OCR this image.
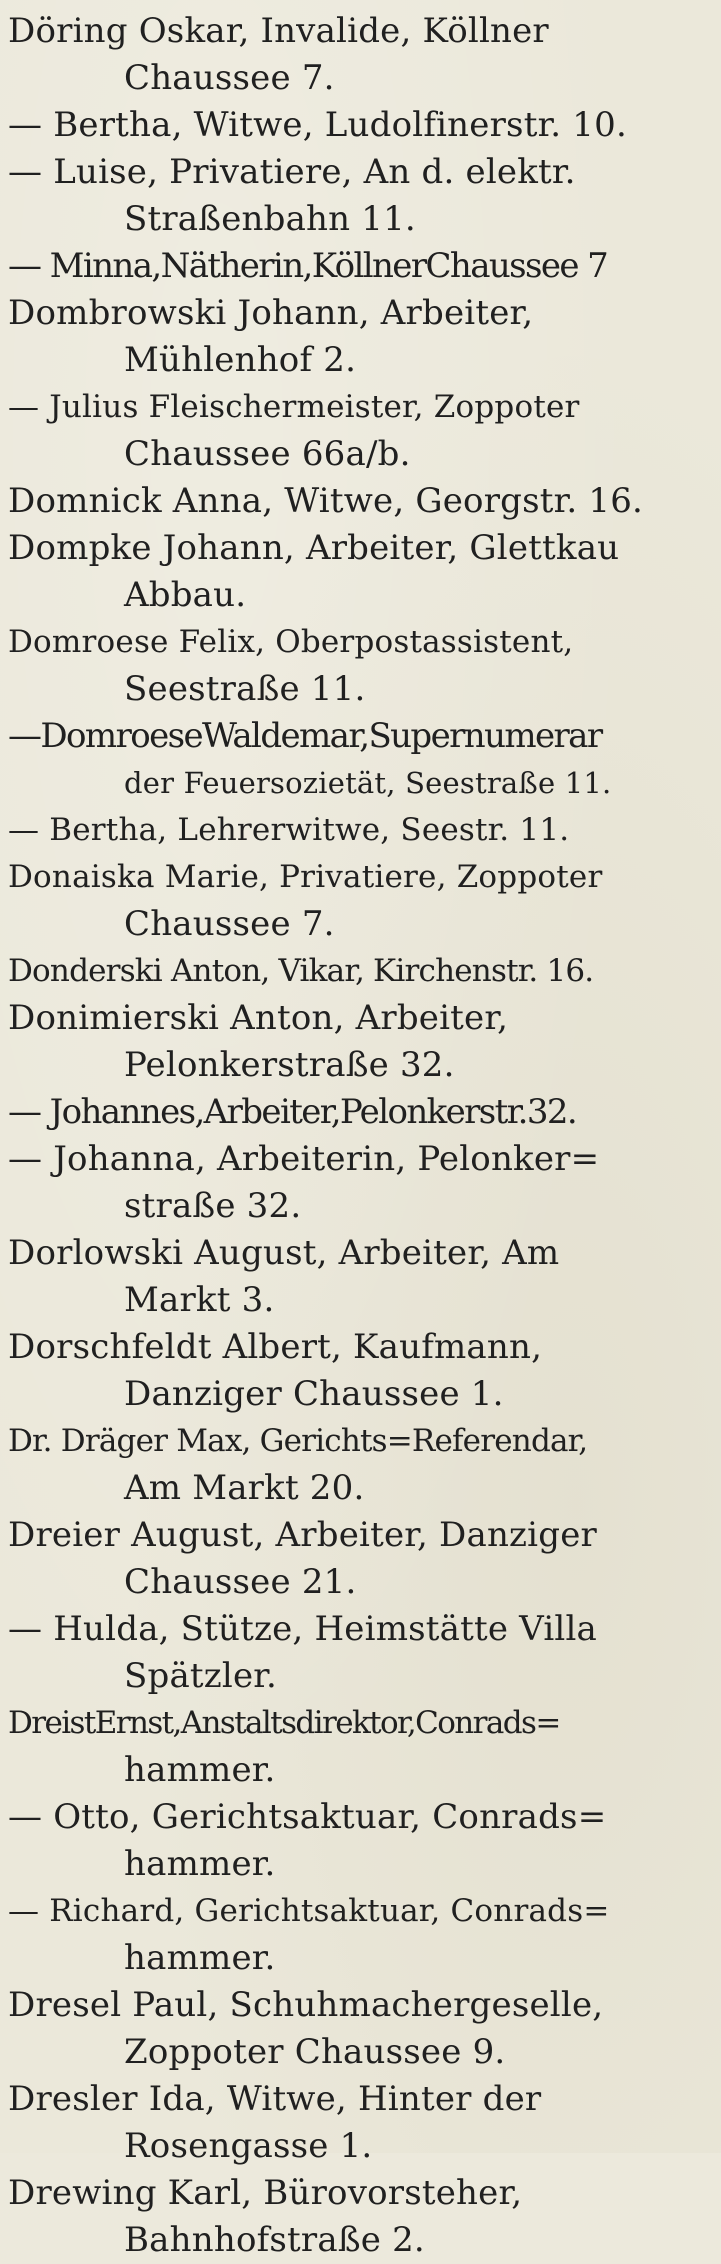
Döring Oskar, Invalide, Köllner
Chaussee 7.
— Bertha, Witwe, Ludolfinerstr. 10.
— Luise, Privatiere, An d. elektr.
Straßenbahn 11.
— Minna,Nätherin,KöllnerChaussee 7
Dombrowski Johann, Arbeiter,
Mühlenhof 2.
— Julius Fleischermeister, Zoppoter
Chaussee 66a/b.
Domnick Anna, Witwe, Georgstr. 16.
Dompke Johann, Arbeiter, Glettkau
Abbau.
Domroese Felix, Oberpostassistent,
Seestraße 11.
—DomroeseWaldemar,Supernumerar
der Feuersozietät, Seestraße 11.
— Bertha, Lehrerwitwe, Seestr. 11.
Donaiska Marie, Privatiere, Zoppoter
Chaussee 7.
Donderski Anton, Vikar, Kirchenstr. 16.
Donimierski Anton, Arbeiter,
Pelonkerstraße 32.
— Johannes,Arbeiter,Pelonkerstr.32.
— Johanna, Arbeiterin, Pelonker=
straße 32.
Dorlowski August, Arbeiter, Am
Markt 3.
Dorschfeldt Albert, Kaufmann,
Danziger Chaussee 1.
Dr. Dräger Max, Gerichts=Referendar,
Am Markt 20.
Dreier August, Arbeiter, Danziger
Chaussee 21.
— Hulda, Stütze, Heimstätte Villa
Spätzler.
DreistErnst,Anstaltsdirektor,Conrads=
hammer.
— Otto, Gerichtsaktuar, Conrads=
hammer.
— Richard, Gerichtsaktuar, Conrads=
hammer.
Dresel Paul, Schuhmachergeselle,
Zoppoter Chaussee 9.
Dresler Ida, Witwe, Hinter der
Rosengasse 1.
Drewing Karl, Bürovorsteher,
Bahnhofstraße 2.
